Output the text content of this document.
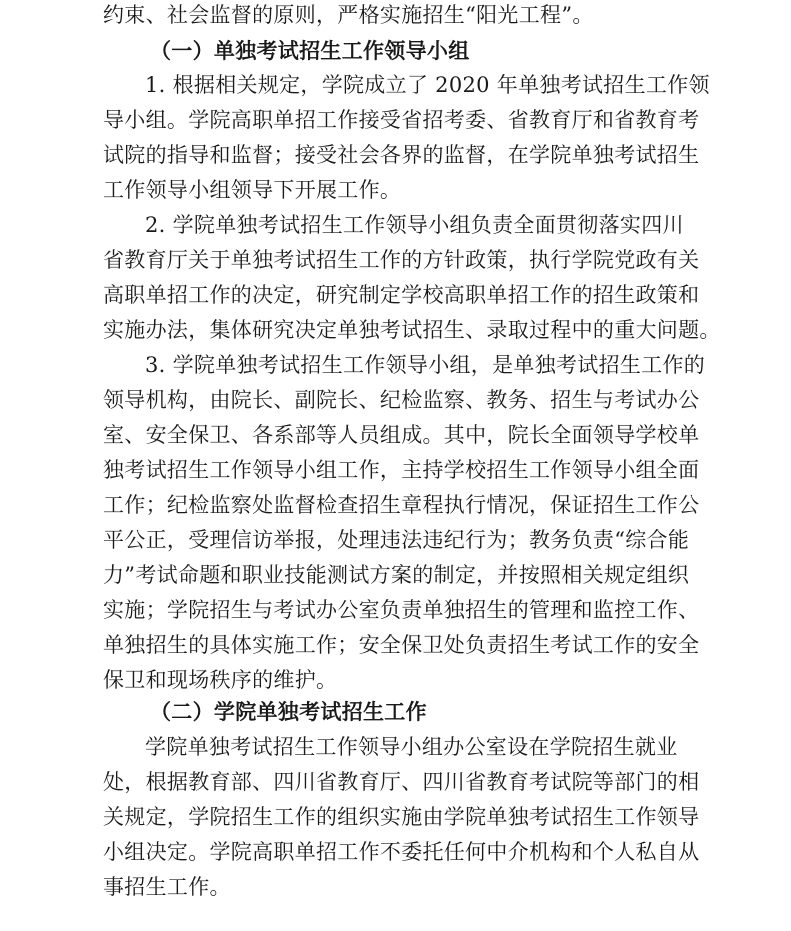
约束、社会监督的原则，严格实施招生“阳光工程”。
（一）单独考试招生工作领导小组
1. 根据相关规定，学院成立了 2020 年单独考试招生工作领
导小组。学院高职单招工作接受省招考委、省教育厅和省教育考
试院的指导和监督；接受社会各界的监督，在学院单独考试招生
工作领导小组领导下开展工作。
2. 学院单独考试招生工作领导小组负责全面贯彻落实四川
省教育厅关于单独考试招生工作的方针政策，执行学院党政有关
高职单招工作的决定，研究制定学校高职单招工作的招生政策和
实施办法，集体研究决定单独考试招生、录取过程中的重大问题。
3. 学院单独考试招生工作领导小组，是单独考试招生工作的
领导机构，由院长、副院长、纪检监察、教务、招生与考试办公
室、安全保卫、各系部等人员组成。其中，院长全面领导学校单
独考试招生工作领导小组工作，主持学校招生工作领导小组全面
工作；纪检监察处监督检查招生章程执行情况，保证招生工作公
平公正，受理信访举报，处理违法违纪行为；教务负责“综合能
力”考试命题和职业技能测试方案的制定，并按照相关规定组织
实施；学院招生与考试办公室负责单独招生的管理和监控工作、
单独招生的具体实施工作；安全保卫处负责招生考试工作的安全
保卫和现场秩序的维护。
（二）学院单独考试招生工作
学院单独考试招生工作领导小组办公室设在学院招生就业
处，根据教育部、四川省教育厅、四川省教育考试院等部门的相
关规定，学院招生工作的组织实施由学院单独考试招生工作领导
小组决定。学院高职单招工作不委托任何中介机构和个人私自从
事招生工作。
